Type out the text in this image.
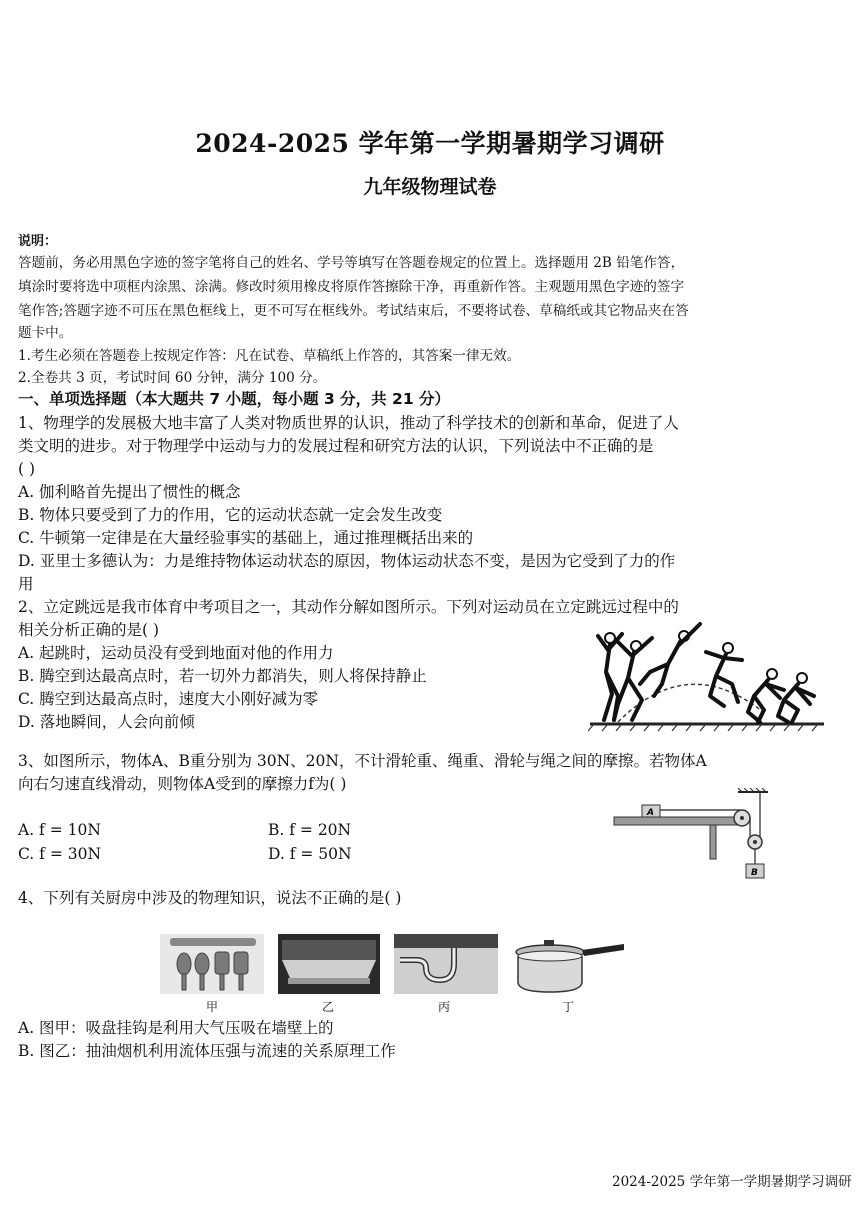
2024-2025 学年第一学期暑期学习调研
九年级物理试卷
说明：
答题前，务必用黑色字迹的签字笔将自己的姓名、学号等填写在答题卷规定的位置上。选择题用 2B 铅笔作答，
填涂时要将选中项框内涂黑、涂满。修改时须用橡皮将原作答擦除干净，再重新作答。主观题用黑色字迹的签字
笔作答;答题字迹不可压在黑色框线上，更不可写在框线外。考试结束后，不要将试卷、草稿纸或其它物品夹在答
题卡中。
1.考生必须在答题卷上按规定作答：凡在试卷、草稿纸上作答的，其答案一律无效。
2.全卷共 3 页，考试时间 60 分钟，满分 100 分。
一、单项选择题（本大题共 7 小题，每小题 3 分，共 21 分）
1、物理学的发展极大地丰富了人类对物质世界的认识，推动了科学技术的创新和革命，促进了人
类文明的进步。对于物理学中运动与力的发展过程和研究方法的认识，下列说法中不正确的是
( )
A. 伽利略首先提出了惯性的概念
B. 物体只要受到了力的作用，它的运动状态就一定会发生改变
C. 牛顿第一定律是在大量经验事实的基础上，通过推理概括出来的
D. 亚里士多德认为：力是维持物体运动状态的原因，物体运动状态不变，是因为它受到了力的作
用
2、立定跳远是我市体育中考项目之一，其动作分解如图所示。下列对运动员在立定跳远过程中的
相关分析正确的是( )
A. 起跳时，运动员没有受到地面对他的作用力
B. 腾空到达最高点时，若一切外力都消失，则人将保持静止
C. 腾空到达最高点时，速度大小刚好减为零
D. 落地瞬间，人会向前倾
3、如图所示，物体A、B重分别为 30N、20N，不计滑轮重、绳重、滑轮与绳之间的摩擦。若物体A
向右匀速直线滑动，则物体A受到的摩擦力f为( )
A. f = 10N	B. f = 20N
C. f = 30N	D. f = 50N
A
B
4、下列有关厨房中涉及的物理知识，说法不正确的是( )
甲	乙	丙	丁
A. 图甲：吸盘挂钩是利用大气压吸在墙壁上的
B. 图乙：抽油烟机利用流体压强与流速的关系原理工作
2024-2025 学年第一学期暑期学习调研
